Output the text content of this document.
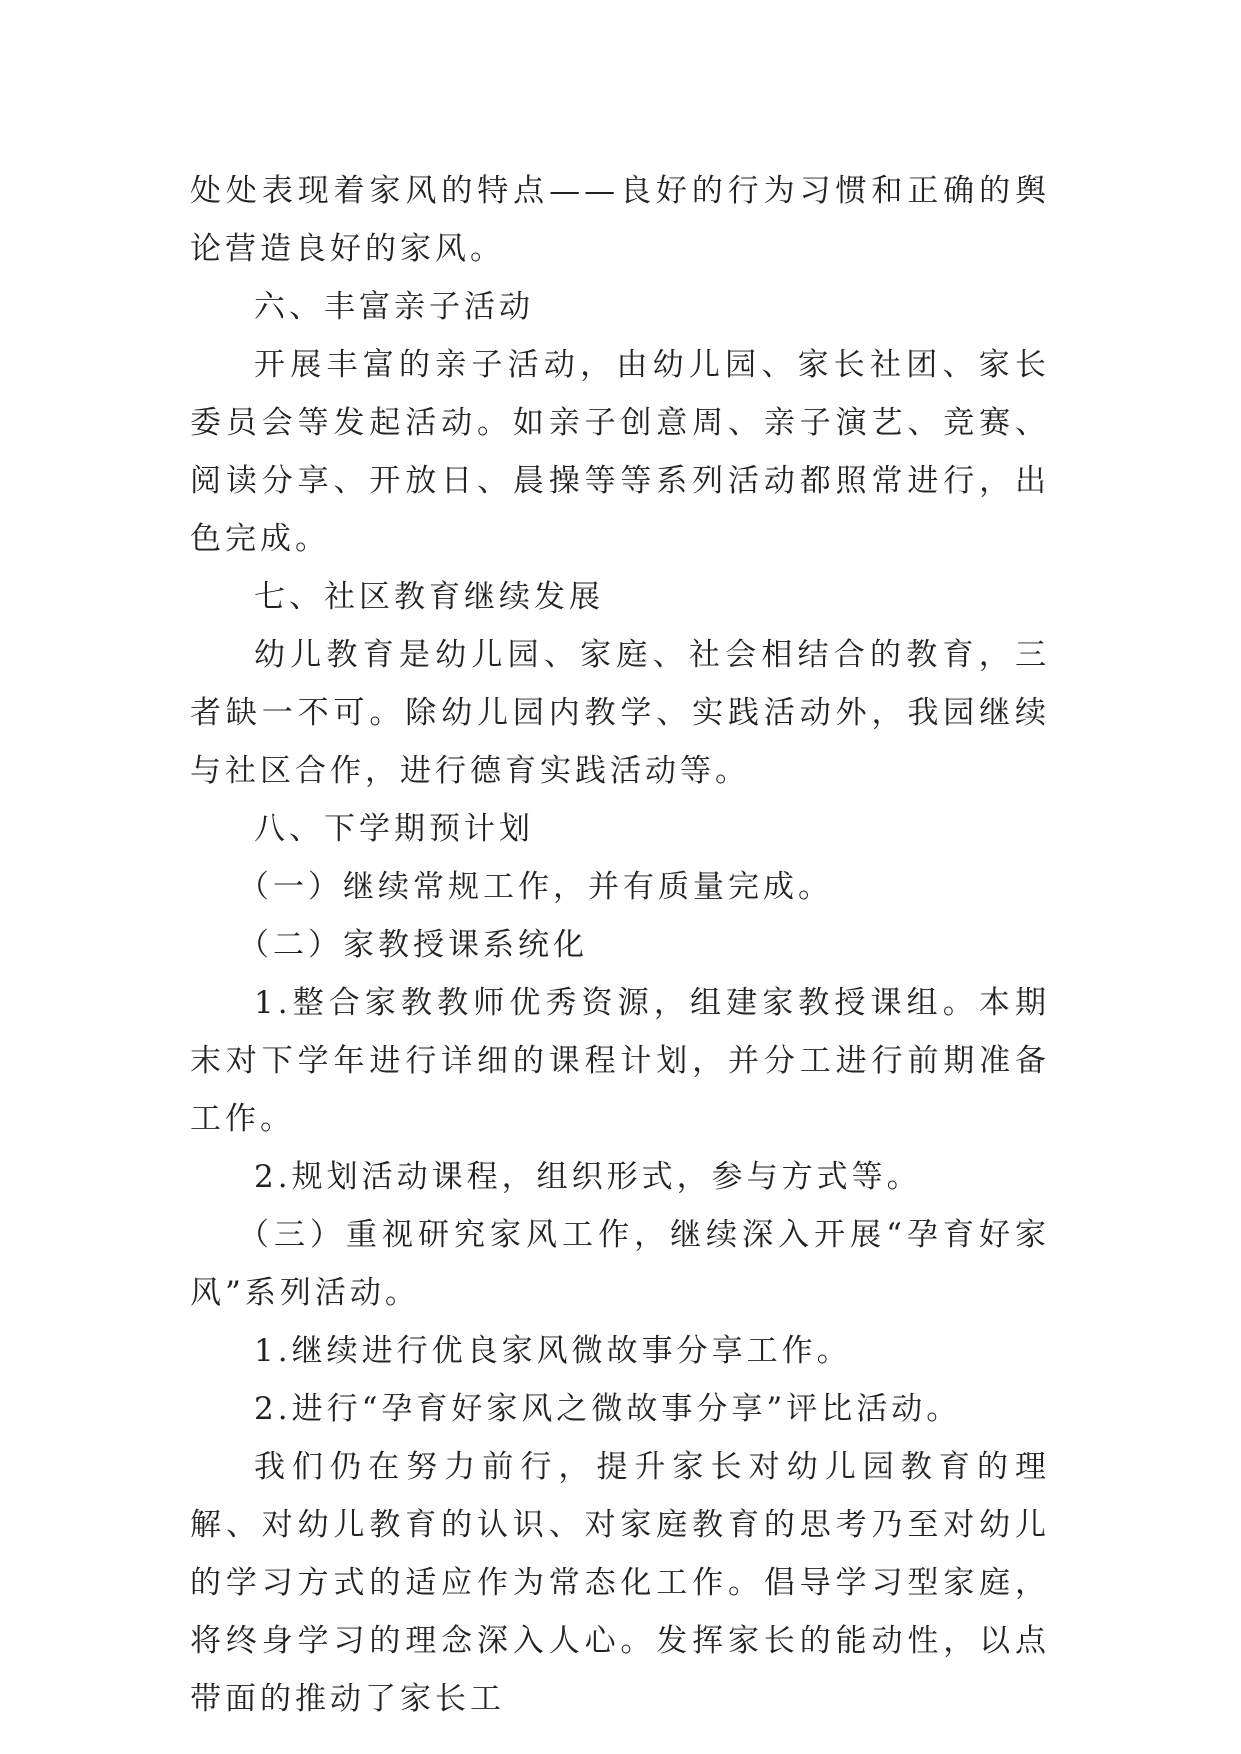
处处表现着家风的特点——良好的行为习惯和正确的舆论营造良好的家风。

六、丰富亲子活动

开展丰富的亲子活动，由幼儿园、家长社团、家长委员会等发起活动。如亲子创意周、亲子演艺、竞赛、阅读分享、开放日、晨操等等系列活动都照常进行，出色完成。

七、社区教育继续发展

幼儿教育是幼儿园、家庭、社会相结合的教育，三者缺一不可。除幼儿园内教学、实践活动外，我园继续与社区合作，进行德育实践活动等。

八、下学期预计划

（一）继续常规工作，并有质量完成。

（二）家教授课系统化

1.整合家教教师优秀资源，组建家教授课组。本期末对下学年进行详细的课程计划，并分工进行前期准备工作。

2.规划活动课程，组织形式，参与方式等。

（三）重视研究家风工作，继续深入开展“孕育好家风”系列活动。

1.继续进行优良家风微故事分享工作。

2.进行“孕育好家风之微故事分享”评比活动。

我们仍在努力前行，提升家长对幼儿园教育的理解、对幼儿教育的认识、对家庭教育的思考乃至对幼儿的学习方式的适应作为常态化工作。倡导学习型家庭，将终身学习的理念深入人心。发挥家长的能动性，以点带面的推动了家长工
